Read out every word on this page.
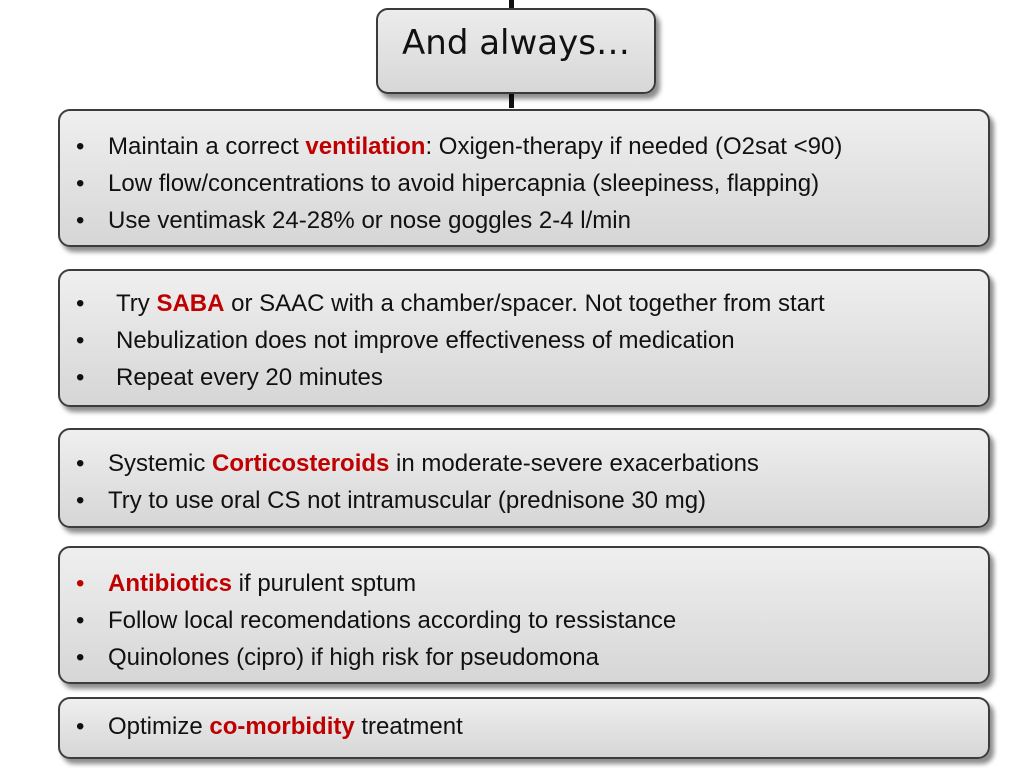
And always…
• Maintain a correct ventilation: Oxigen-therapy if needed (O2sat <90)
• Low flow/concentrations to avoid hipercapnia (sleepiness, flapping)
• Use ventimask 24-28% or nose goggles 2-4 l/min
• Try SABA or SAAC with a chamber/spacer. Not together from start
• Nebulization does not improve effectiveness of medication
• Repeat every 20 minutes
• Systemic Corticosteroids in moderate-severe exacerbations
• Try to use oral CS not intramuscular (prednisone 30 mg)
• Antibiotics if purulent sptum
• Follow local recomendations according to ressistance
• Quinolones (cipro) if high risk for pseudomona
• Optimize co-morbidity treatment
